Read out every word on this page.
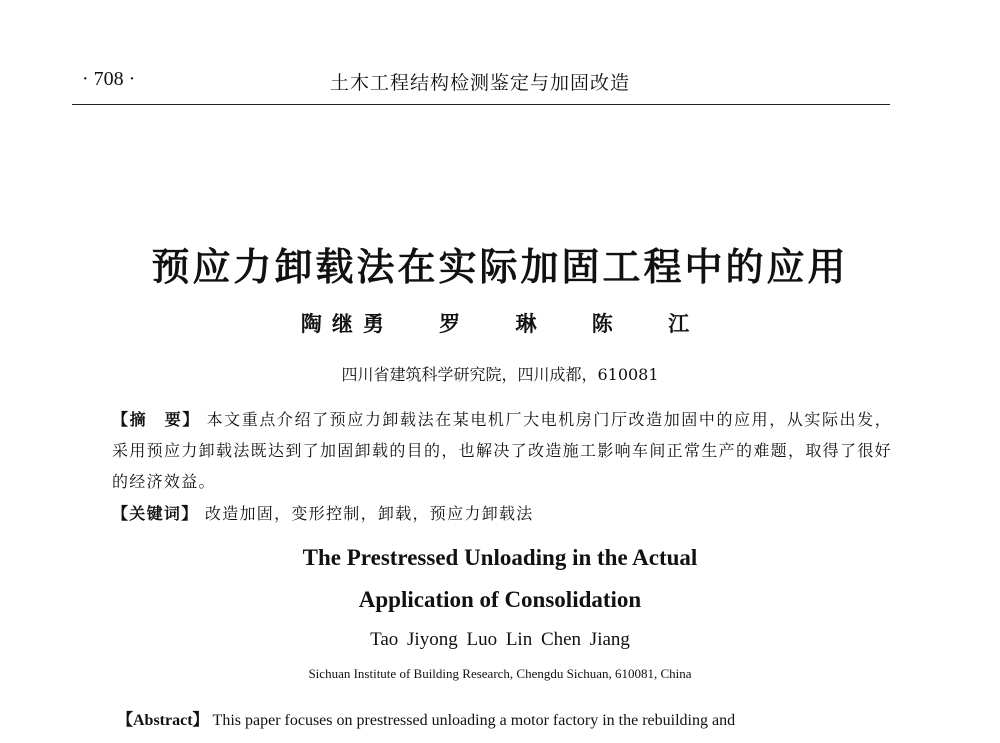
· 708 ·	土木工程结构检测鉴定与加固改造
预应力卸载法在实际加固工程中的应用
陶继勇 罗 琳 陈 江
四川省建筑科学研究院，四川成都，610081
【摘　要】 本文重点介绍了预应力卸载法在某电机厂大电机房门厅改造加固中的应用，从实际出发，采用预应力卸载法既达到了加固卸载的目的，也解决了改造施工影响车间正常生产的难题，取得了很好的经济效益。
【关键词】 改造加固，变形控制，卸载，预应力卸载法
The Prestressed Unloading in the Actual
Application of Consolidation
Tao Jiyong Luo Lin Chen Jiang
Sichuan Institute of Building Research, Chengdu Sichuan, 610081, China
【Abstract】 This paper focuses on prestressed unloading a motor factory in the rebuilding and
